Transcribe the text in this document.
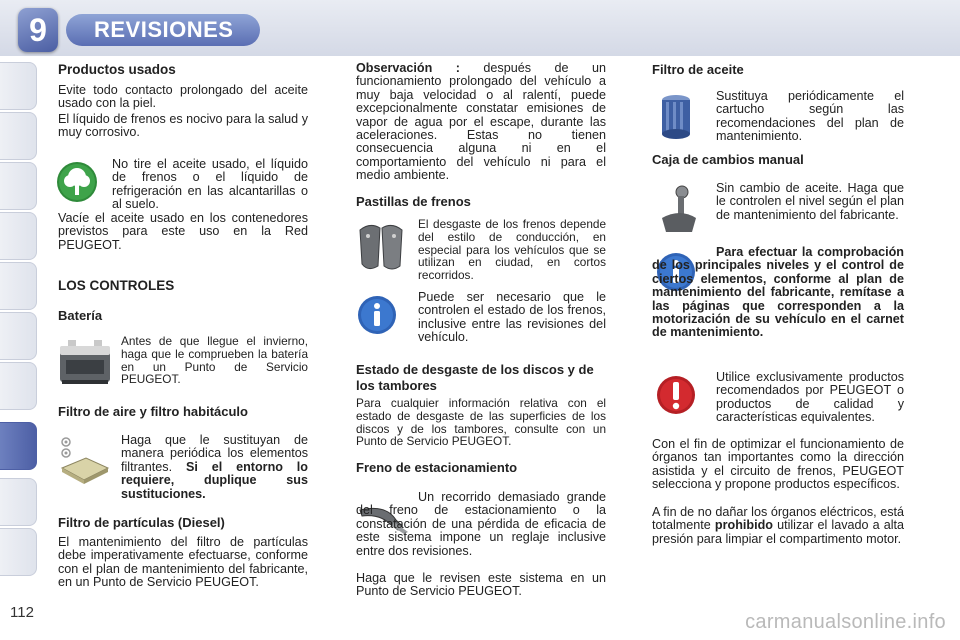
9	REVISIONES
Productos usados
Evite todo contacto prolongado del aceite usado con la piel.
El líquido de frenos es nocivo para la salud y muy corrosivo.
No tire el aceite usado, el líquido de frenos o el líquido de refrigeración en las alcantarillas o al suelo.
Vacíe el aceite usado en los contenedores previstos para este uso en la Red PEUGEOT.
LOS CONTROLES
Batería
Antes de que llegue el invierno, haga que le comprueben la batería en un Punto de Servicio PEUGEOT.
Filtro de aire y filtro habitáculo
Haga que le sustituyan de manera periódica los elementos filtrantes. Si el entorno lo requiere, duplique sus sustituciones.
Filtro de partículas (Diesel)
El mantenimiento del filtro de partículas debe imperativamente efectuarse, conforme con el plan de mantenimiento del fabricante, en un Punto de Servicio PEUGEOT.
112
Observación : después de un funcionamiento prolongado del vehículo a muy baja velocidad o al ralentí, puede excepcionalmente constatar emisiones de vapor de agua por el escape, durante las aceleraciones. Estas no tienen consecuencia alguna ni en el comportamiento del vehículo ni para el medio ambiente.
Pastillas de frenos
El desgaste de los frenos depende del estilo de conducción, en especial para los vehículos que se utilizan en ciudad, en cortos recorridos.
Puede ser necesario que le controlen el estado de los frenos, inclusive entre las revisiones del vehículo.
Estado de desgaste de los discos y de los tambores
Para cualquier información relativa con el estado de desgaste de las superficies de los discos y de los tambores, consulte con un Punto de Servicio PEUGEOT.
Freno de estacionamiento
Un recorrido demasiado grande del freno de estacionamiento o la constatación de una pérdida de eficacia de este sistema impone un reglaje inclusive entre dos revisiones.
Haga que le revisen este sistema en un Punto de Servicio PEUGEOT.
Filtro de aceite
Sustituya periódicamente el cartucho según las recomendaciones del plan de mantenimiento.
Caja de cambios manual
Sin cambio de aceite. Haga que le controlen el nivel según el plan de mantenimiento del fabricante.
Para efectuar la comprobación de los principales niveles y el control de ciertos elementos, conforme al plan de mantenimiento del fabricante, remítase a las páginas que corresponden a la motorización de su vehículo en el carnet de mantenimiento.
Utilice exclusivamente productos recomendados por PEUGEOT o productos de calidad y características equivalentes.
Con el fin de optimizar el funcionamiento de órganos tan importantes como la dirección asistida y el circuito de frenos, PEUGEOT selecciona y propone productos específicos.
A fin de no dañar los órganos eléctricos, está totalmente prohibido utilizar el lavado a alta presión para limpiar el compartimento motor.
carmanualsonline.info
